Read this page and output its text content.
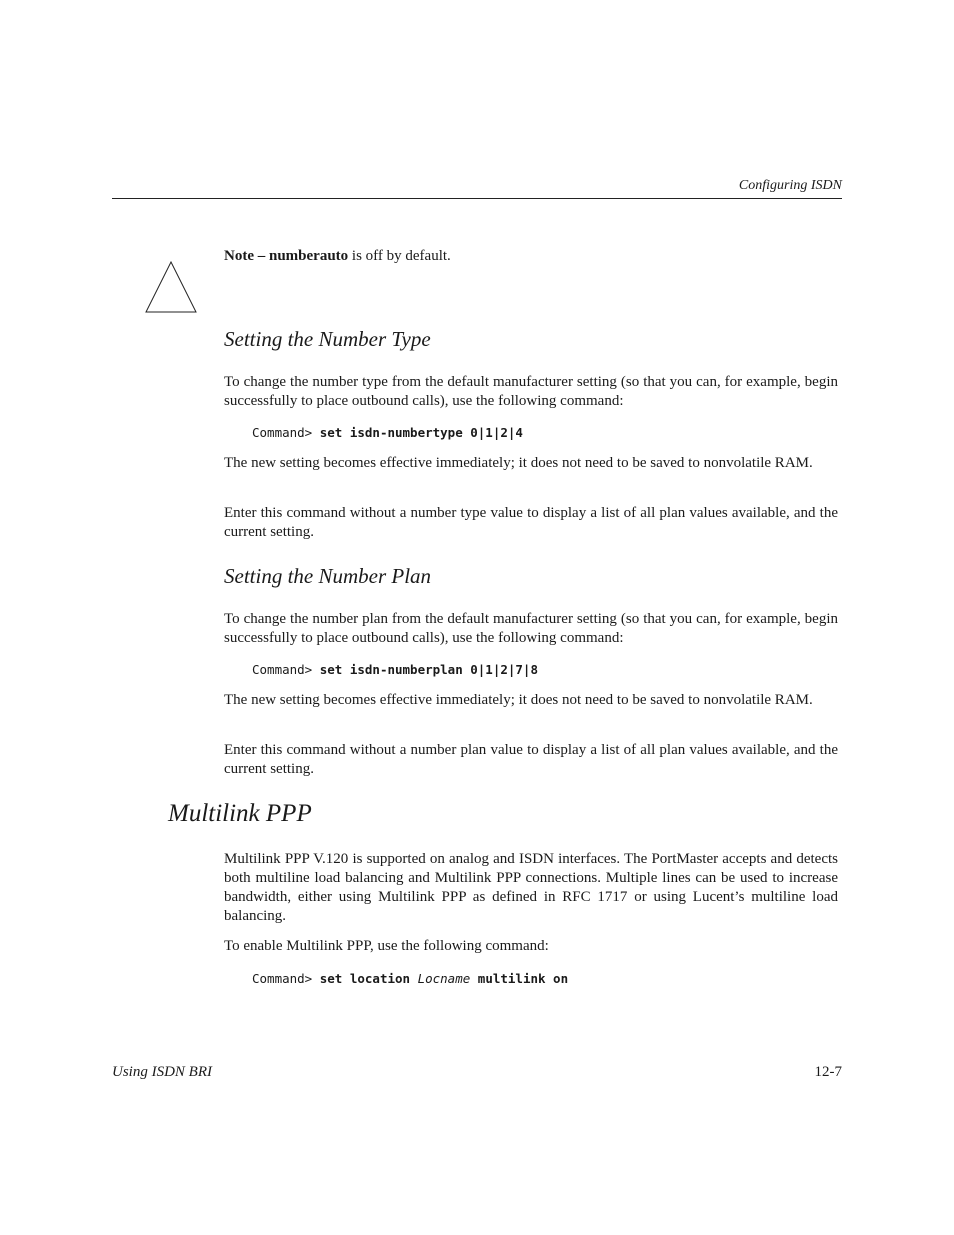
Configuring ISDN
Note – numberauto is off by default.
Setting the Number Type
To change the number type from the default manufacturer setting (so that you can, for example, begin successfully to place outbound calls), use the following command:
Command> set isdn-numbertype 0|1|2|4
The new setting becomes effective immediately; it does not need to be saved to nonvolatile RAM.
Enter this command without a number type value to display a list of all plan values available, and the current setting.
Setting the Number Plan
To change the number plan from the default manufacturer setting (so that you can, for example, begin successfully to place outbound calls), use the following command:
Command> set isdn-numberplan 0|1|2|7|8
The new setting becomes effective immediately; it does not need to be saved to nonvolatile RAM.
Enter this command without a number plan value to display a list of all plan values available, and the current setting.
Multilink PPP
Multilink PPP V.120 is supported on analog and ISDN interfaces. The PortMaster accepts and detects both multiline load balancing and Multilink PPP connections. Multiple lines can be used to increase bandwidth, either using Multilink PPP as defined in RFC 1717 or using Lucent’s multiline load balancing.
To enable Multilink PPP, use the following command:
Command> set location Locname multilink on
Using ISDN BRI	12-7
